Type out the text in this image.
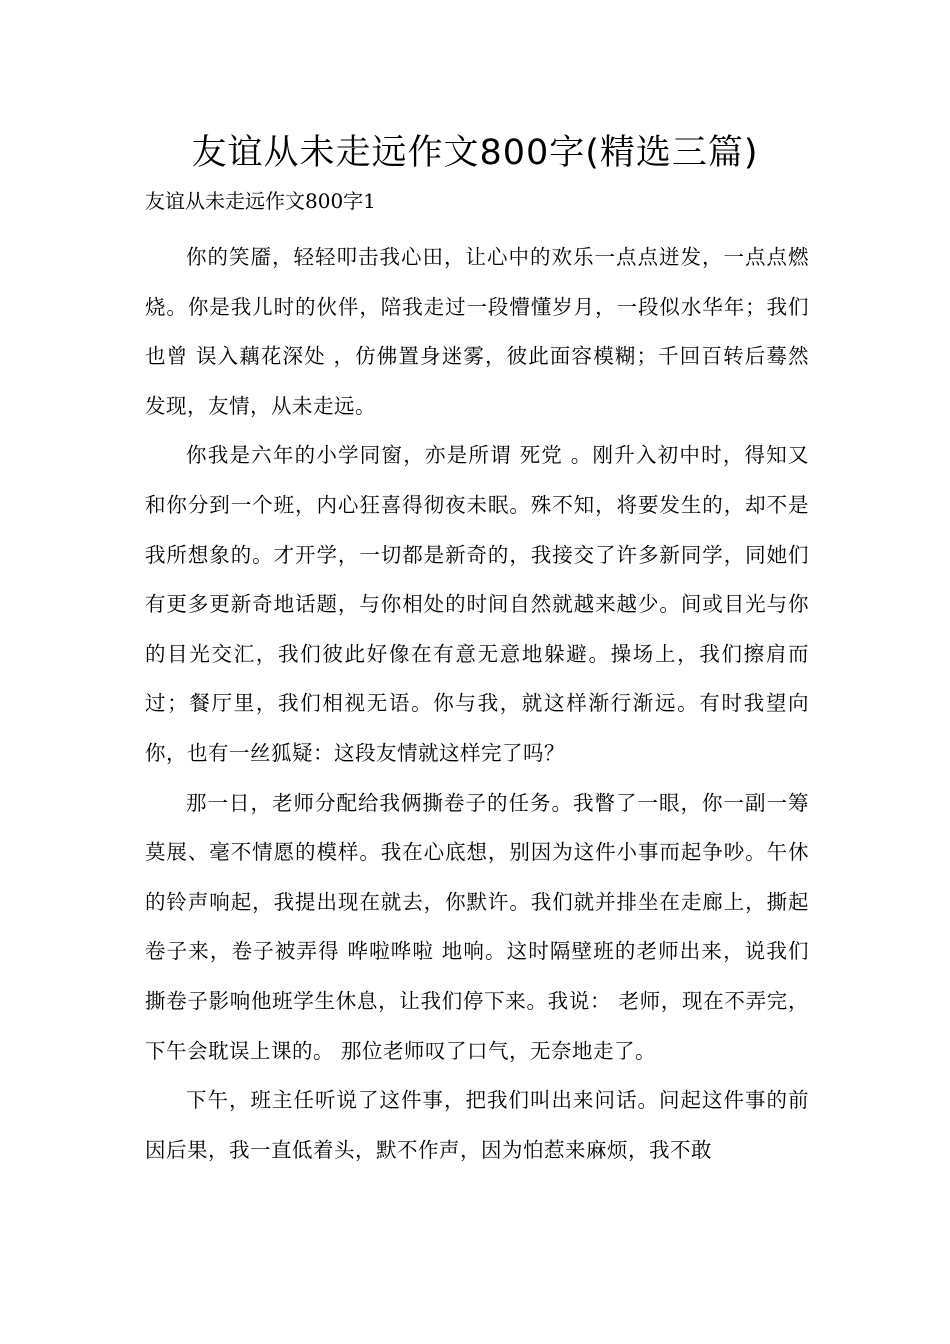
友谊从未走远作文800字(精选三篇)

友谊从未走远作文800字1

你的笑靥，轻轻叩击我心田，让心中的欢乐一点点迸发，一点点燃烧。你是我儿时的伙伴，陪我走过一段懵懂岁月，一段似水华年；我们也曾 误入藕花深处 ，仿佛置身迷雾，彼此面容模糊；千回百转后蓦然发现，友情，从未走远。

你我是六年的小学同窗，亦是所谓 死党 。刚升入初中时，得知又和你分到一个班，内心狂喜得彻夜未眠。殊不知，将要发生的，却不是我所想象的。才开学，一切都是新奇的，我接交了许多新同学，同她们有更多更新奇地话题，与你相处的时间自然就越来越少。间或目光与你的目光交汇，我们彼此好像在有意无意地躲避。操场上，我们擦肩而过；餐厅里，我们相视无语。你与我，就这样渐行渐远。有时我望向你，也有一丝狐疑：这段友情就这样完了吗？

那一日，老师分配给我俩撕卷子的任务。我瞥了一眼，你一副一筹莫展、毫不情愿的模样。我在心底想，别因为这件小事而起争吵。午休的铃声响起，我提出现在就去，你默许。我们就并排坐在走廊上，撕起卷子来，卷子被弄得 哗啦哗啦 地响。这时隔壁班的老师出来，说我们撕卷子影响他班学生休息，让我们停下来。我说： 老师，现在不弄完，下午会耽误上课的。 那位老师叹了口气，无奈地走了。

下午，班主任听说了这件事，把我们叫出来问话。问起这件事的前因后果，我一直低着头，默不作声，因为怕惹来麻烦，我不敢
